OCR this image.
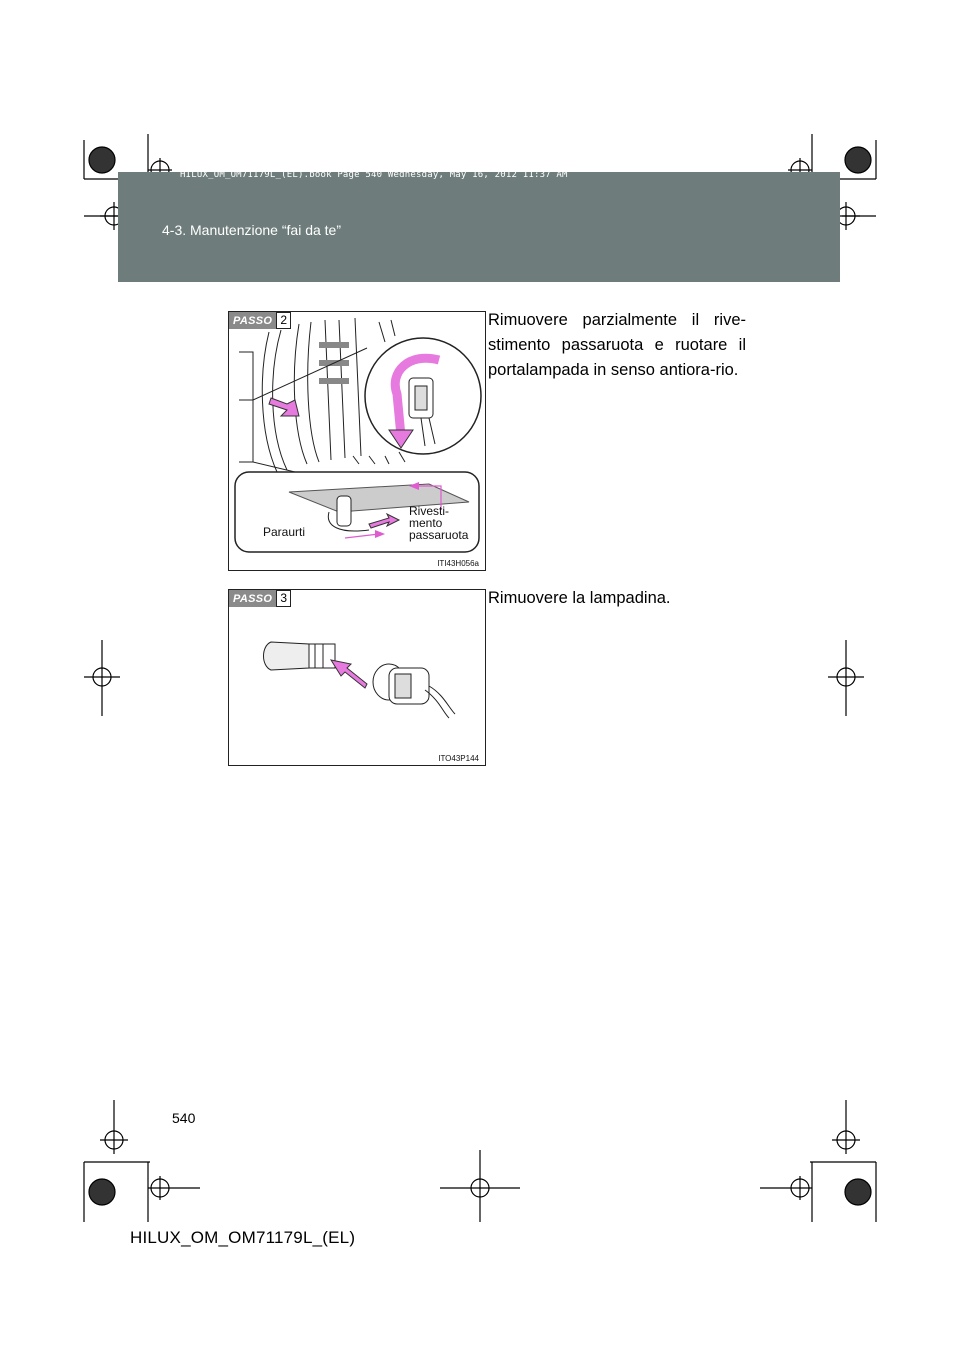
HILUX_OM_OM71179L_(EL).book Page 540 Wednesday, May 16, 2012 11:37 AM
4-3. Manutenzione “fai da te”
PASSO 2
Paraurti
Rivesti-
mento
passaruota
ITI43H056a
Rimuovere parzialmente il rive-stimento passaruota e ruotare il portalampada in senso antiora-rio.
PASSO 3
ITO43P144
Rimuovere la lampadina.
540
HILUX_OM_OM71179L_(EL)
